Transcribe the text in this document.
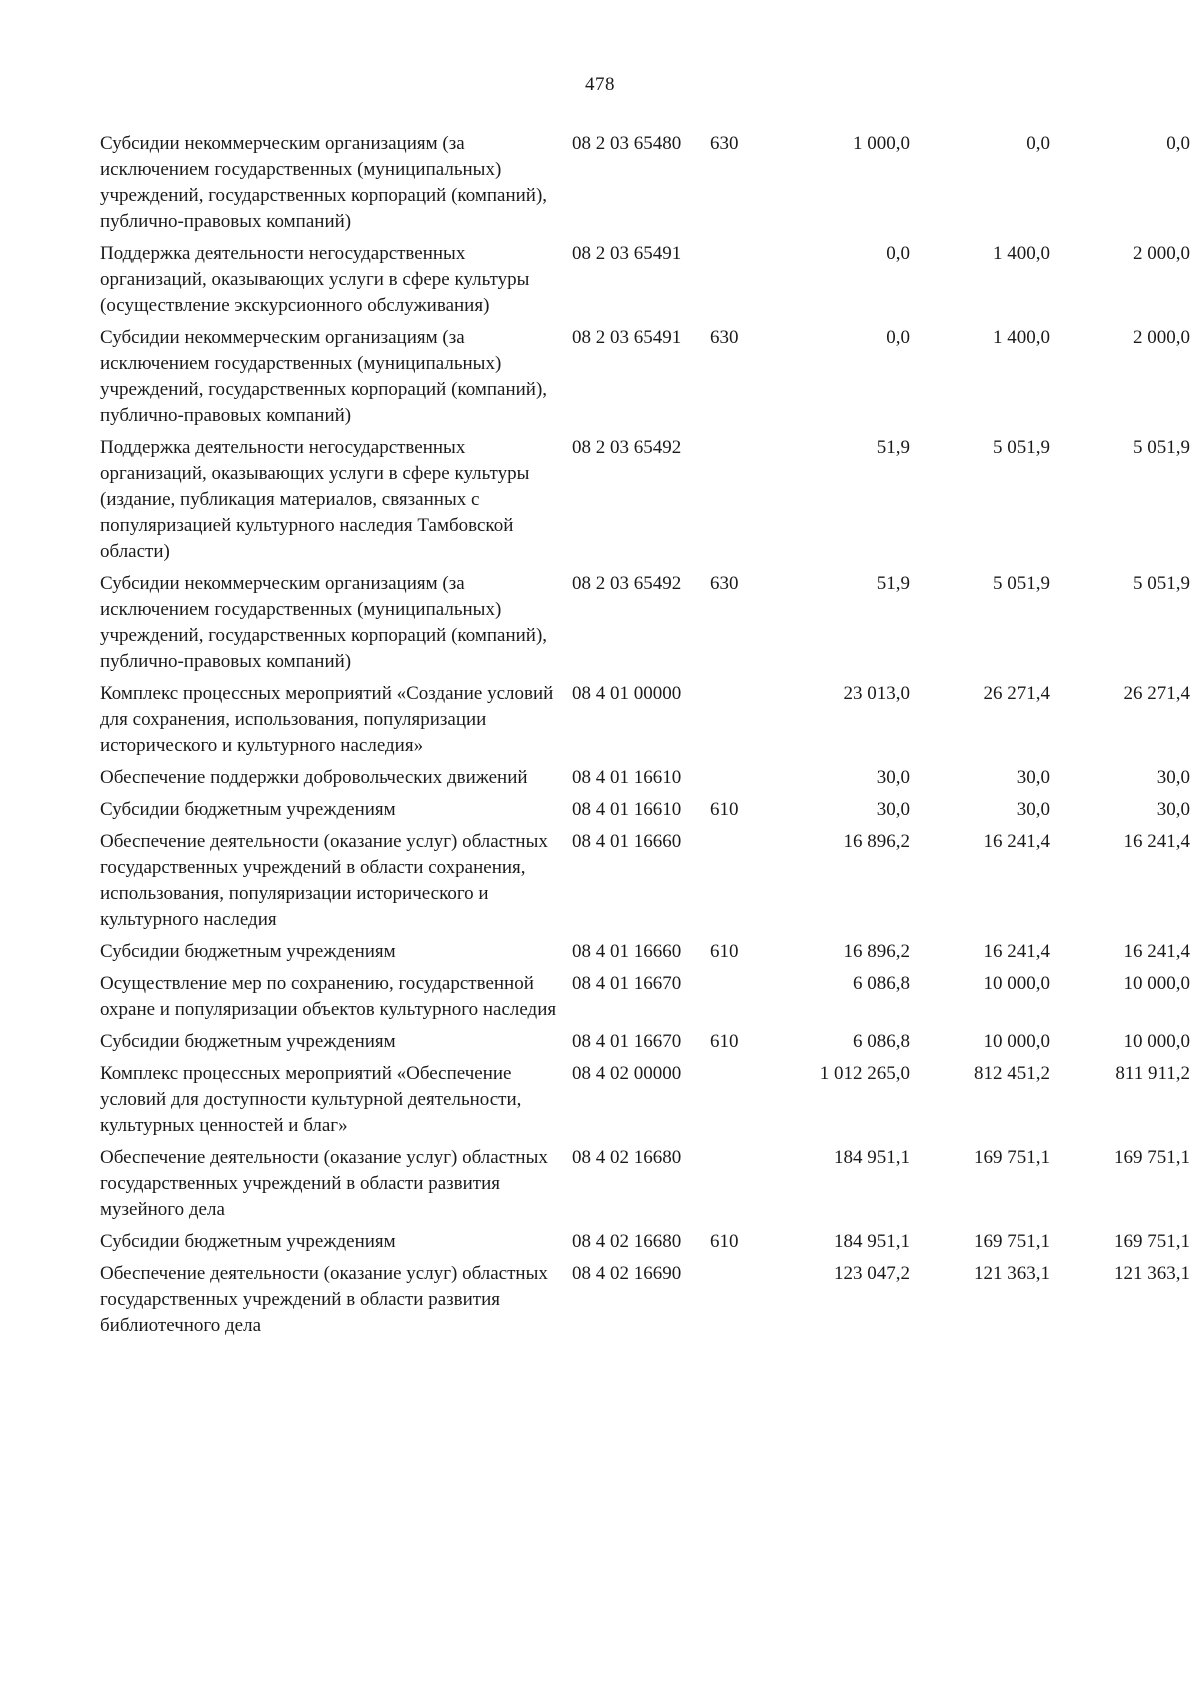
478
Субсидии некоммерческим организациям (за исключением государственных (муниципальных) учреждений, государственных корпораций (компаний), публично-правовых компаний)	08 2 03 65480	630	1 000,0	0,0	0,0
Поддержка деятельности негосударственных организаций, оказывающих услуги в сфере культуры (осуществление экскурсионного обслуживания)	08 2 03 65491		0,0	1 400,0	2 000,0
Субсидии некоммерческим организациям (за исключением государственных (муниципальных) учреждений, государственных корпораций (компаний), публично-правовых компаний)	08 2 03 65491	630	0,0	1 400,0	2 000,0
Поддержка деятельности негосударственных организаций, оказывающих услуги в сфере культуры (издание, публикация материалов, связанных с популяризацией культурного наследия Тамбовской области)	08 2 03 65492		51,9	5 051,9	5 051,9
Субсидии некоммерческим организациям (за исключением государственных (муниципальных) учреждений, государственных корпораций (компаний), публично-правовых компаний)	08 2 03 65492	630	51,9	5 051,9	5 051,9
Комплекс процессных мероприятий «Создание условий для сохранения, использования, популяризации исторического и культурного наследия»	08 4 01 00000		23 013,0	26 271,4	26 271,4
Обеспечение поддержки добровольческих движений	08 4 01 16610		30,0	30,0	30,0
Субсидии бюджетным учреждениям	08 4 01 16610	610	30,0	30,0	30,0
Обеспечение деятельности (оказание услуг) областных государственных учреждений в области сохранения, использования, популяризации исторического и культурного наследия	08 4 01 16660		16 896,2	16 241,4	16 241,4
Субсидии бюджетным учреждениям	08 4 01 16660	610	16 896,2	16 241,4	16 241,4
Осуществление мер по сохранению, государственной охране и популяризации объектов культурного наследия	08 4 01 16670		6 086,8	10 000,0	10 000,0
Субсидии бюджетным учреждениям	08 4 01 16670	610	6 086,8	10 000,0	10 000,0
Комплекс процессных мероприятий «Обеспечение условий для доступности культурной деятельности, культурных ценностей и благ»	08 4 02 00000		1 012 265,0	812 451,2	811 911,2
Обеспечение деятельности (оказание услуг) областных государственных учреждений в области развития музейного дела	08 4 02 16680		184 951,1	169 751,1	169 751,1
Субсидии бюджетным учреждениям	08 4 02 16680	610	184 951,1	169 751,1	169 751,1
Обеспечение деятельности (оказание услуг) областных государственных учреждений в области развития библиотечного дела	08 4 02 16690		123 047,2	121 363,1	121 363,1
